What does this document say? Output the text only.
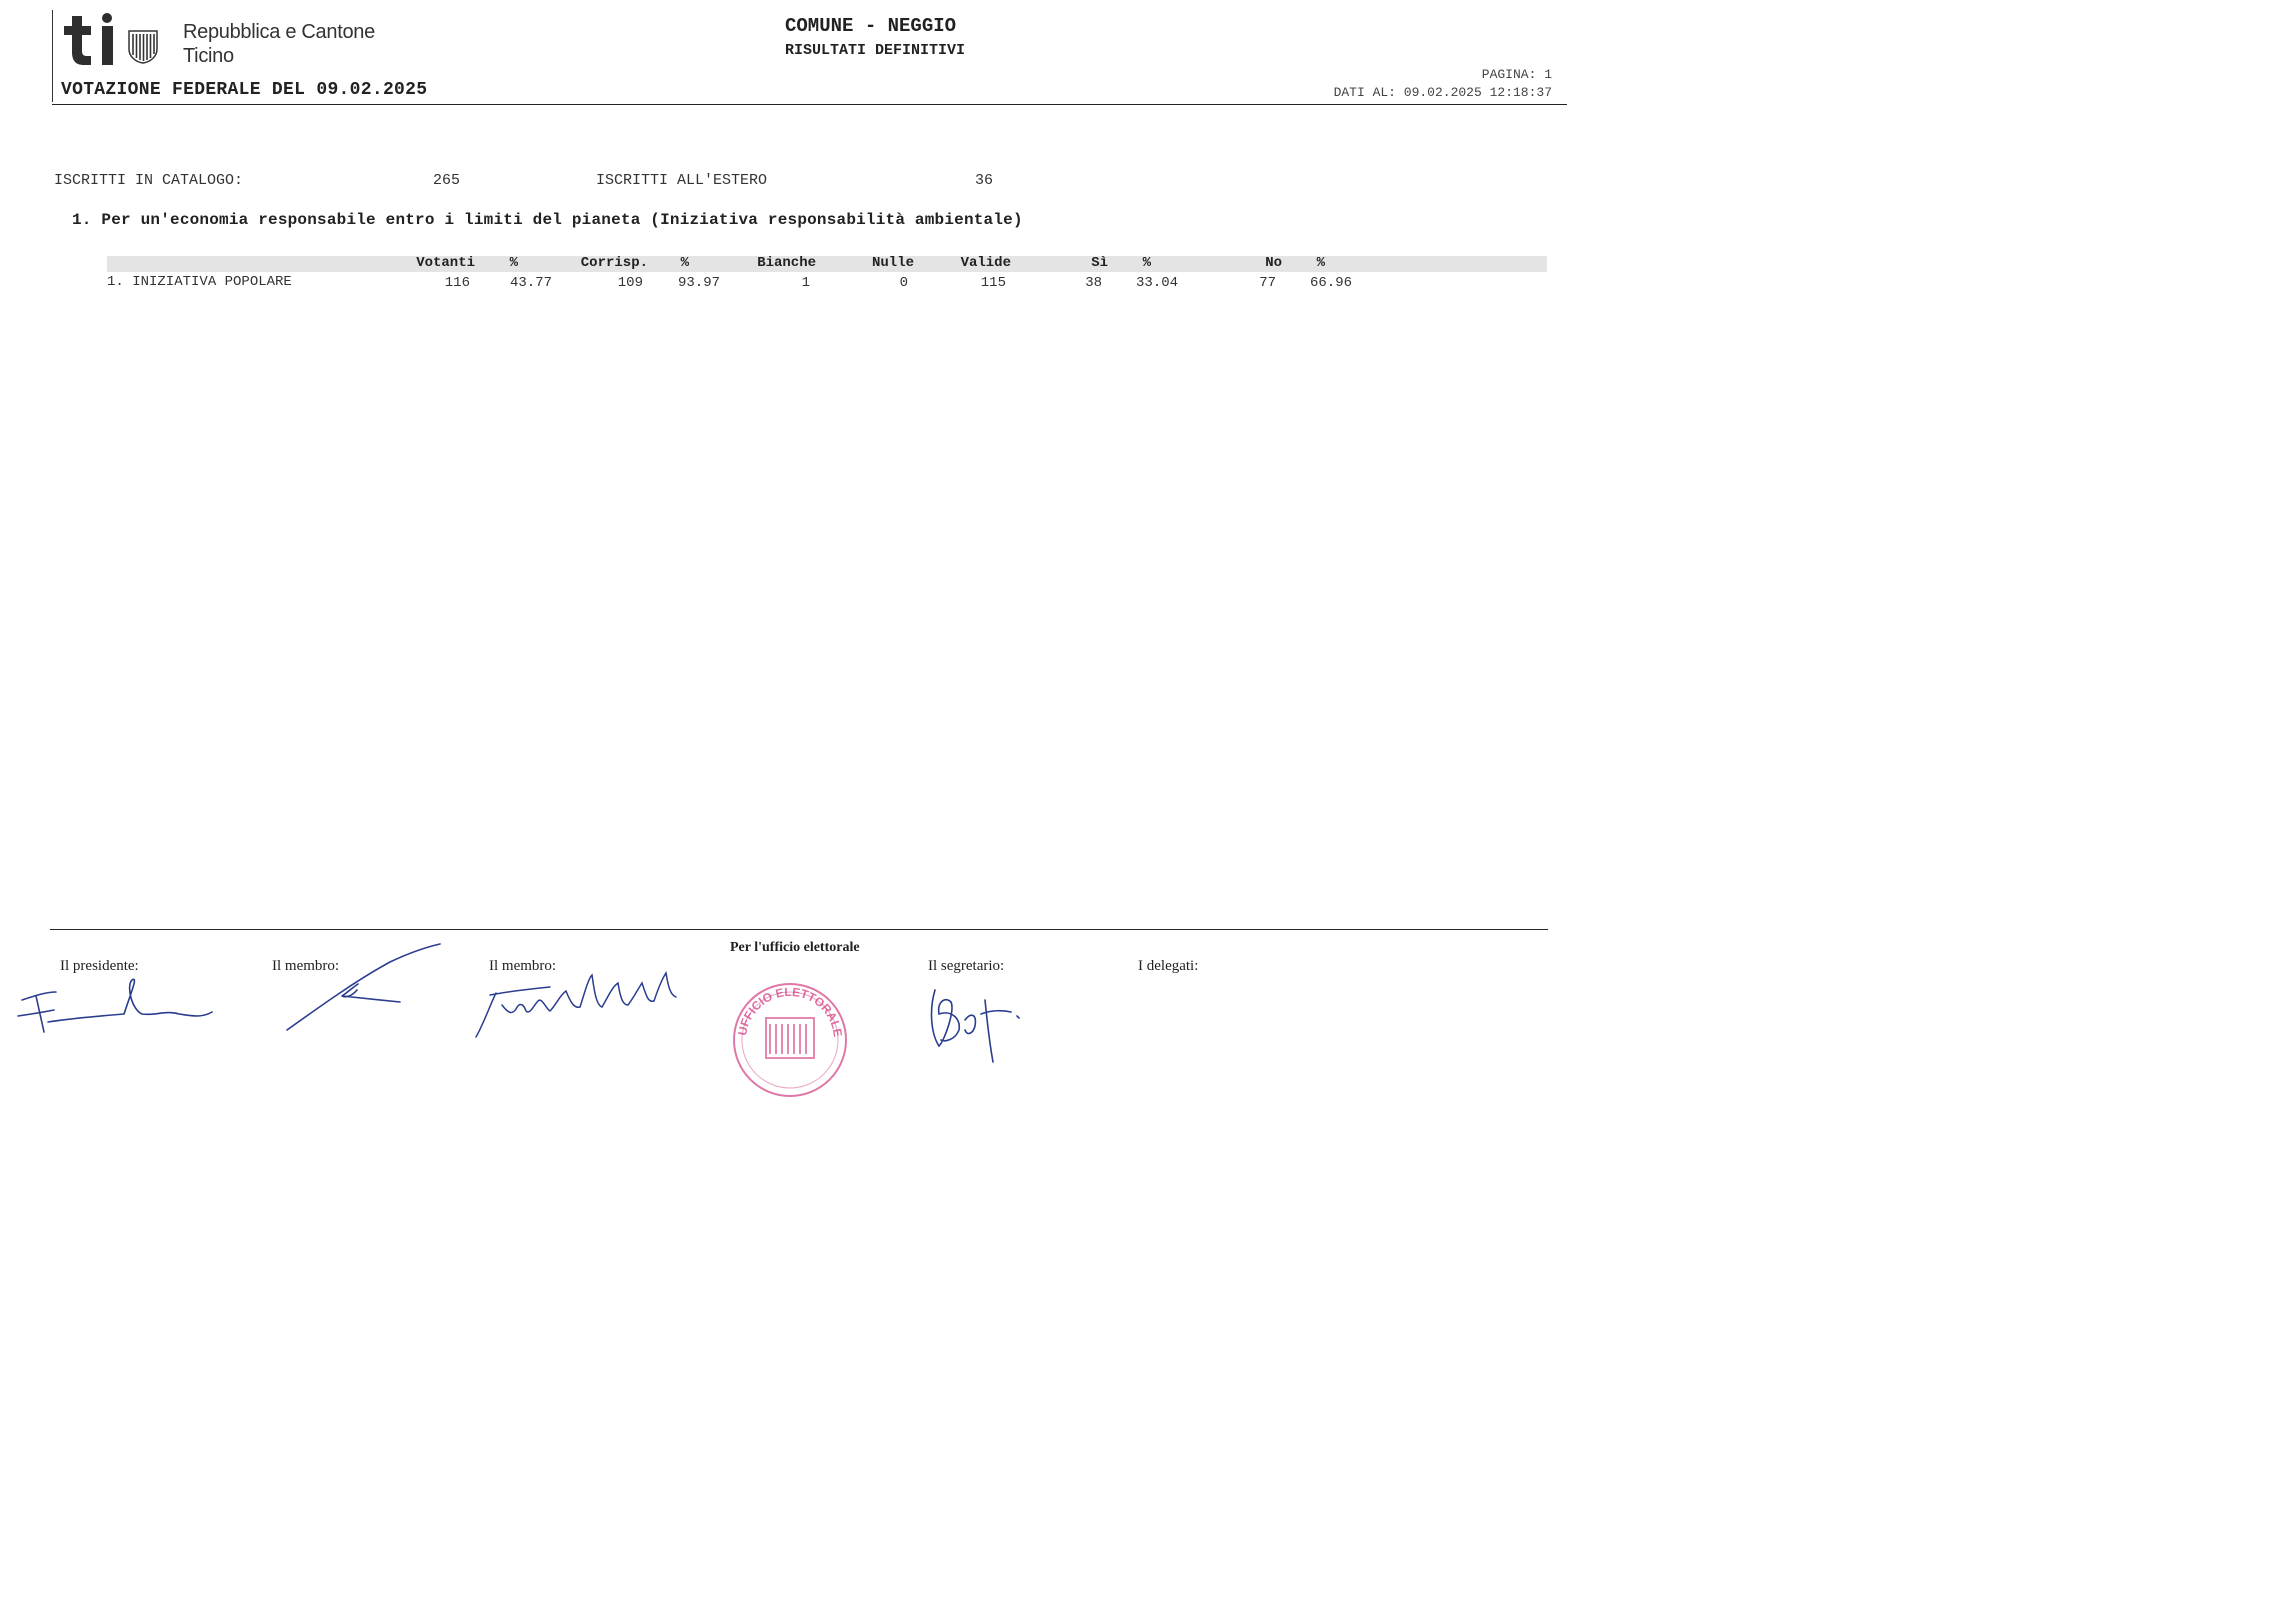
Repubblica e Cantone
Ticino
VOTAZIONE FEDERALE DEL 09.02.2025
COMUNE - NEGGIO
RISULTATI DEFINITIVI
PAGINA: 1
DATI AL: 09.02.2025 12:18:37
ISCRITTI IN CATALOGO:	265	ISCRITTI ALL'ESTERO	36
1. Per un'economia responsabile entro i limiti del pianeta (Iniziativa responsabilità ambientale)
Votanti %	Corrisp. %	Bianche	Nulle	Valide	Sì %	No %
1. INIZIATIVA POPOLARE	116	43.77	109 93.97	1	0	115	38 33.04	77 66.96
Per l'ufficio elettorale
Il presidente:	Il membro:	Il membro:	Il segretario:	I delegati:
UFFICIO ELETTORALE
